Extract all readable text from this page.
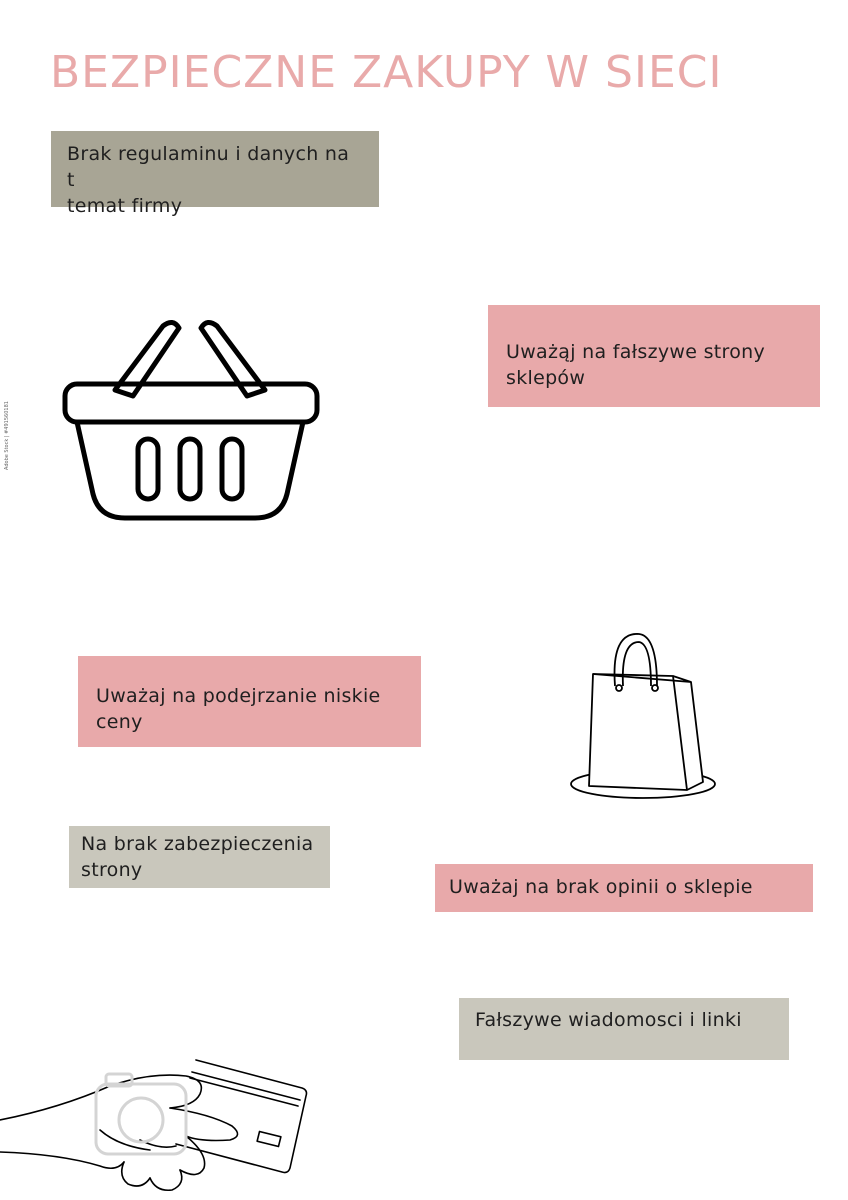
BEZPIECZNE ZAKUPY W SIECI
Brak regulaminu i danych na t
temat firmy
Uważąj na fałszywe strony
sklepów
Uważaj na podejrzanie niskie
ceny
Na brak zabezpieczenia
strony
Uważaj na brak opinii o sklepie
Fałszywe wiadomosci i linki
Adobe Stock | #491560181
